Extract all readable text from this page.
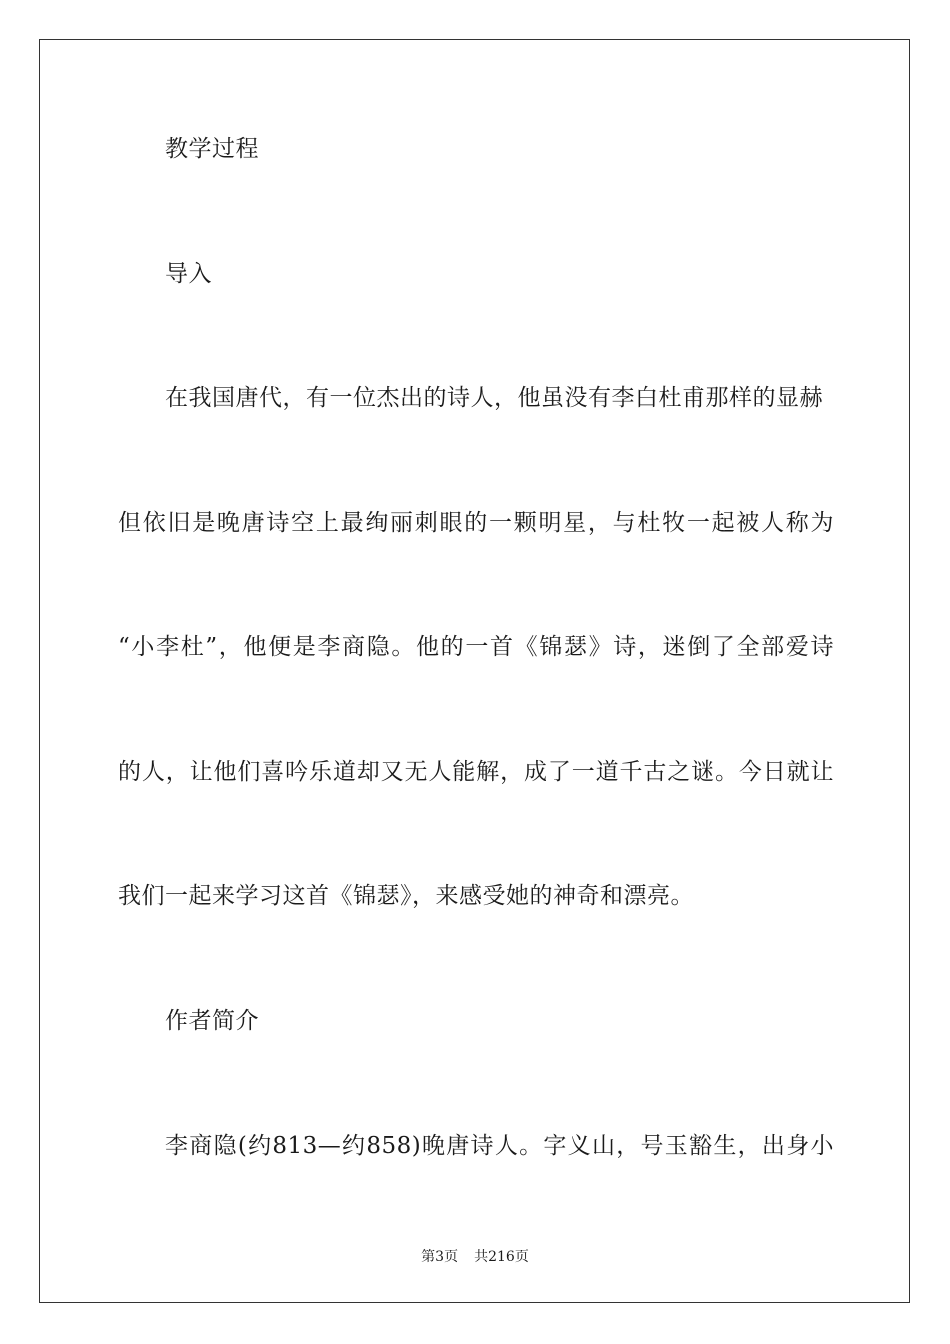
教学过程
导入
在我国唐代，有一位杰出的诗人，他虽没有李白杜甫那样的显赫
但依旧是晚唐诗空上最绚丽刺眼的一颗明星，与杜牧一起被人称为
“小李杜”，他便是李商隐。他的一首《锦瑟》诗，迷倒了全部爱诗
的人，让他们喜吟乐道却又无人能解，成了一道千古之谜。今日就让
我们一起来学习这首《锦瑟》，来感受她的神奇和漂亮。
作者简介
李商隐(约813—约858)晚唐诗人。字义山，号玉豁生，出身小
第3页 共216页
